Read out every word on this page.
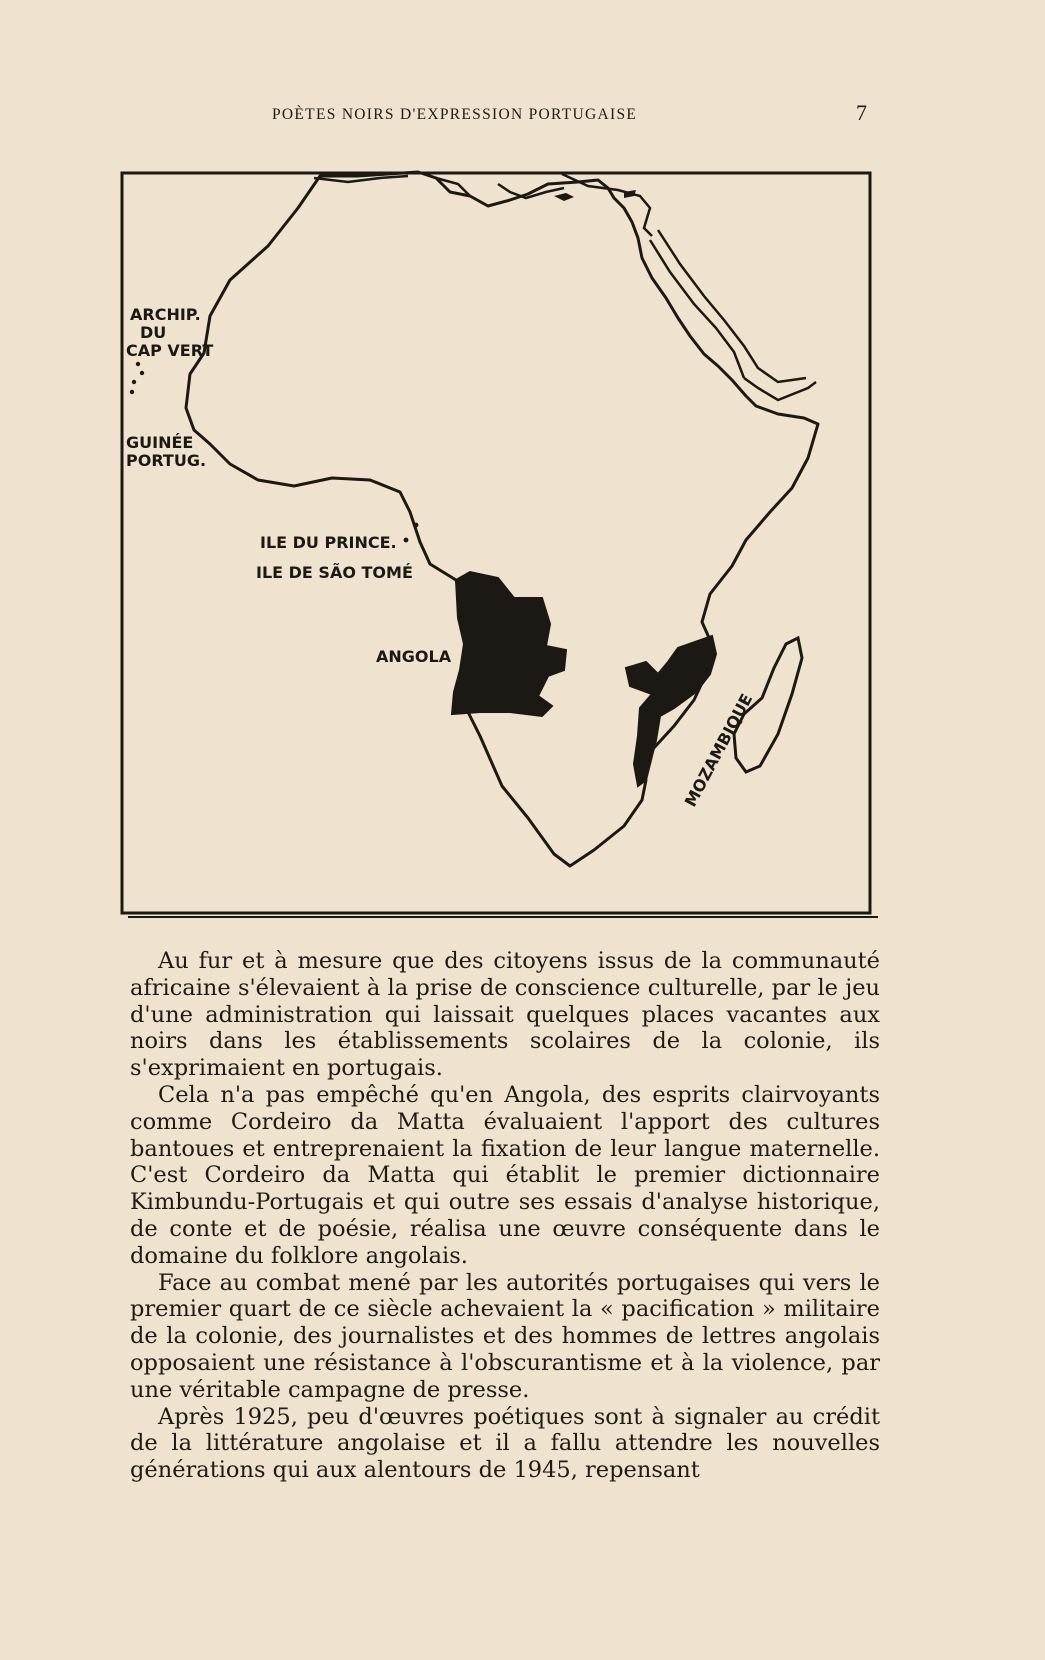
POÈTES NOIRS D'EXPRESSION PORTUGAISE	7
ARCHIP.
DU
CAP VERT
GUINÉE
PORTUG.
ILE DU PRINCE.
ILE DE SÃO TOMÉ
ANGOLA
MOZAMBIQUE

Au fur et à mesure que des citoyens issus de la communauté africaine s'élevaient à la prise de conscience culturelle, par le jeu d'une administration qui laissait quelques places vacantes aux noirs dans les établissements scolaires de la colonie, ils s'exprimaient en portugais.

Cela n'a pas empêché qu'en Angola, des esprits clairvoyants comme Cordeiro da Matta évaluaient l'apport des cultures bantoues et entreprenaient la fixation de leur langue maternelle. C'est Cordeiro da Matta qui établit le premier dictionnaire Kimbundu-Portugais et qui outre ses essais d'analyse historique, de conte et de poésie, réalisa une œuvre conséquente dans le domaine du folklore angolais.

Face au combat mené par les autorités portugaises qui vers le premier quart de ce siècle achevaient la « pacification » militaire de la colonie, des journalistes et des hommes de lettres angolais opposaient une résistance à l'obscurantisme et à la violence, par une véritable campagne de presse.

Après 1925, peu d'œuvres poétiques sont à signaler au crédit de la littérature angolaise et il a fallu attendre les nouvelles générations qui aux alentours de 1945, repensant
